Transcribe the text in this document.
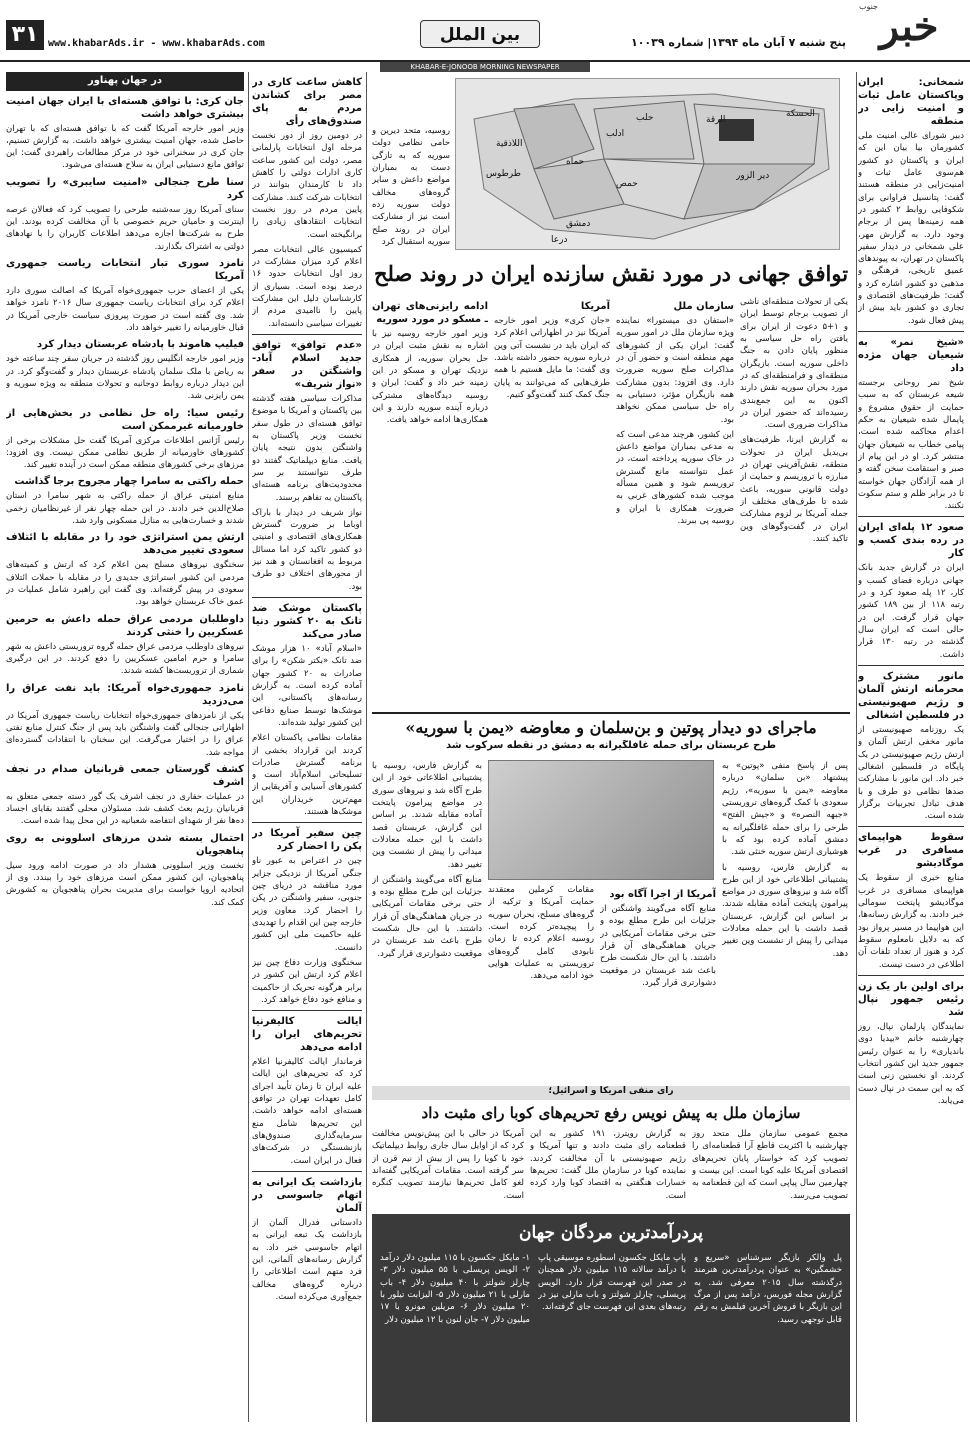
خبر
جنوب
پنج شنبه ۷ آبان ماه ۱۳۹۴| شماره ۱۰۰۳۹
بین الملل
www.khabarAds.ir - www.khabarAds.com
۳۱
KHABAR-E-JONOOB MORNING NEWSPAPER
شمخانی: ایران وپاکستان عامل ثبات و امنیت زایی در منطقه

دبیر شورای عالی امنیت ملی کشورمان بیا بیان این که ایران و پاکستان دو کشور هم‌سوی عامل ثبات و امنیت‌زایی در منطقه هستند گفت: پتانسیل فراوانی برای شکوفایی روابط ۲ کشور در همه زمینه‌ها پس از برجام وجود دارد. به گزارش مهر، علی شمخانی در دیدار سفیر پاکستان در تهران، به پیوندهای عمیق تاریخی، فرهنگی و مذهبی دو کشور اشاره کرد و گفت: ظرفیت‌های اقتصادی و تجاری دو کشور باید بیش از پیش فعال شود.

«شیخ نمر» به شیعیان جهان مژده داد

شیخ نمر روحانی برجسته شیعه عربستان که به سبب حمایت از حقوق مشروع و پایمال شده شیعیان به حکم اعدام محاکمه شده است، پیامی خطاب به شیعیان جهان منتشر کرد. او در این پیام از صبر و استقامت سخن گفته و از همه آزادگان جهان خواسته تا در برابر ظلم و ستم سکوت نکنند.

صعود ۱۲ پله‌ای ایران در رده بندی کسب و کار

ایران در گزارش جدید بانک جهانی درباره فضای کسب و کار، ۱۲ پله صعود کرد و در رتبه ۱۱۸ از بین ۱۸۹ کشور جهان قرار گرفت. این در حالی است که ایران سال گذشته در رتبه ۱۳۰ قرار داشت.

مانور مشترک و محرمانه ارتش آلمان و رژیم صهیونیستی در فلسطین اشغالی

یک روزنامه صهیونیستی از مانور مخفی ارتش آلمان و ارتش رژیم صهیونیستی در یک پایگاه در فلسطین اشغالی خبر داد. این مانور با مشارکت صدها نظامی دو طرف و با هدف تبادل تجربیات برگزار شده است.

سقوط هواپیمای مسافری در غرب موگادیشو

منابع خبری از سقوط یک هواپیمای مسافری در غرب موگادیشو پایتخت سومالی خبر دادند. به گزارش رسانه‌ها، این هواپیما در مسیر پرواز بود که به دلایل نامعلوم سقوط کرد و هنوز از تعداد تلفات آن اطلاعی در دست نیست.

برای اولین بار یک زن رئیس جمهور نپال شد

نمایندگان پارلمان نپال، روز چهارشنبه خانم «بیدیا دوی باندیاری» را به عنوان رئیس جمهور جدید این کشور انتخاب کردند. او نخستین زنی است که به این سمت در نپال دست می‌یابد.

حلب
ادلب
حماه
حمص
دمشق
درعا
الرقة
دير الزور
الحسكة
اللاذقية
طرطوس
روسیه، متحد دیرین و حامی نظامی دولت سوریه که به تازگی دست به بمباران مواضع داعش و سایر گروه‌های مخالف دولت سوریه زده است نیز از مشارکت ایران در روند صلح سوریه استقبال کرد
توافق جهانی در مورد نقش سازنده ایران در روند صلح

یکی از تحولات منطقه‌ای ناشی از تصویب برجام توسط ایران و ۱+۵ دعوت از ایران برای یافتن راه حل سیاسی به منظور پایان دادن به جنگ داخلی سوریه است. بازیگران منطقه‌ای و فرامنطقه‌ای که در مورد بحران سوریه نقش دارند اکنون به این جمع‌بندی رسیده‌اند که حضور ایران در مذاکرات ضروری است.

به گزارش ایرنا، ظرفیت‌های بی‌بدیل ایران در تحولات منطقه، نقش‌آفرینی تهران در مبارزه با تروریسم و حمایت از دولت قانونی سوریه، باعث شده تا طرف‌های مختلف از جمله آمریکا بر لزوم مشارکت ایران در گفت‌وگوهای وین تاکید کنند.

سازمان ملل

«استفان دی میستورا» نماینده ویژه سازمان ملل در امور سوریه گفت: ایران یکی از کشورهای مهم منطقه است و حضور آن در مذاکرات صلح سوریه ضرورت دارد. وی افزود: بدون مشارکت همه بازیگران مؤثر، دستیابی به راه حل سیاسی ممکن نخواهد بود.

این کشور، هرچند مدعی است که به مدعی بمباران مواضع داعش در خاک سوریه پرداخته است، در عمل نتوانسته مانع گسترش تروریسم شود و همین مسأله موجب شده کشورهای غربی به ضرورت همکاری با ایران و روسیه پی ببرند.

آمریکا

«جان کری» وزیر امور خارجه آمریکا نیز در اظهاراتی اعلام کرد که ایران باید در نشست آتی وین درباره سوریه حضور داشته باشد. وی گفت: ما مایل هستیم با همه طرف‌هایی که می‌توانند به پایان جنگ کمک کنند گفت‌وگو کنیم.

ادامه رایزنی‌های تهران ـ مسکو در مورد سوریه

وزیر امور خارجه روسیه نیز با اشاره به نقش مثبت ایران در حل بحران سوریه، از همکاری نزدیک تهران و مسکو در این زمینه خبر داد و گفت: ایران و روسیه دیدگاه‌های مشترکی درباره آینده سوریه دارند و این همکاری‌ها ادامه خواهد یافت.

ماجرای دو دیدار پوتین و بن‌سلمان و معاوضه «یمن با سوریه»
طرح عربستان برای حمله غافلگیرانه به دمشق در نقطه سرکوب شد

پس از پاسخ منفی «پوتین» به پیشنهاد «بن سلمان» درباره معاوضه «یمن با سوریه»، رژیم سعودی با کمک گروه‌های تروریستی «جبهه النصره» و «جیش الفتح» طرحی را برای حمله غافلگیرانه به دمشق آماده کرده بود که با هوشیاری ارتش سوریه خنثی شد.

به گزارش فارس، روسیه با پشتیبانی اطلاعاتی خود از این طرح آگاه شد و نیروهای سوری در مواضع پیرامون پایتخت آماده مقابله شدند. بر اساس این گزارش، عربستان قصد داشت با این حمله معادلات میدانی را پیش از نشست وین تغییر دهد.

آمریکا از اجرا آگاه بود

منابع آگاه می‌گویند واشنگتن از جزئیات این طرح مطلع بوده و حتی برخی مقامات آمریکایی در جریان هماهنگی‌های آن قرار داشتند. با این حال شکست طرح باعث شد عربستان در موقعیت دشوارتری قرار گیرد.

مقامات کرملین معتقدند حمایت آمریکا و ترکیه از گروه‌های مسلح، بحران سوریه را پیچیده‌تر کرده است. روسیه اعلام کرده تا زمان نابودی کامل گروه‌های تروریستی به عملیات هوایی خود ادامه می‌دهد.

به گزارش فارس، روسیه با پشتیبانی اطلاعاتی خود از این طرح آگاه شد و نیروهای سوری در مواضع پیرامون پایتخت آماده مقابله شدند. بر اساس این گزارش، عربستان قصد داشت با این حمله معادلات میدانی را پیش از نشست وین تغییر دهد.

منابع آگاه می‌گویند واشنگتن از جزئیات این طرح مطلع بوده و حتی برخی مقامات آمریکایی در جریان هماهنگی‌های آن قرار داشتند. با این حال شکست طرح باعث شد عربستان در موقعیت دشوارتری قرار گیرد.

رأی منفی آمریکا و اسرائیل؛
سازمان ملل به پیش نویس رفع تحریم‌های کوبا رای مثبت داد
مجمع عمومی سازمان ملل متحد روز چهارشنبه با اکثریت قاطع آرا قطعنامه‌ای را تصویب کرد که خواستار پایان تحریم‌های اقتصادی آمریکا علیه کوبا است. این بیست و چهارمین سال پیاپی است که این قطعنامه به تصویب می‌رسد.
به گزارش رویترز، ۱۹۱ کشور به این قطعنامه رای مثبت دادند و تنها آمریکا و رژیم صهیونیستی با آن مخالفت کردند. نماینده کوبا در سازمان ملل گفت: تحریم‌ها خسارات هنگفتی به اقتصاد کوبا وارد کرده است.
آمریکا در حالی با این پیش‌نویس مخالفت کرد که از اوایل سال جاری روابط دیپلماتیک خود با کوبا را پس از بیش از نیم قرن از سر گرفته است. مقامات آمریکایی گفته‌اند لغو کامل تحریم‌ها نیازمند تصویب کنگره است.
پردرآمدترین مردگان جهان
پل والکر بازیگر سرشناس «سریع و خشمگین» به عنوان پردرآمدترین هنرمند درگذشته سال ۲۰۱۵ معرفی شد. به گزارش مجله فوربس، درآمد پس از مرگ این بازیگر با فروش آخرین فیلمش به رقم قابل توجهی رسید.
پاپ مایکل جکسون اسطوره موسیقی پاپ با درآمد سالانه ۱۱۵ میلیون دلار همچنان در صدر این فهرست قرار دارد. الویس پریسلی، چارلز شولتز و باب مارلی نیز در رتبه‌های بعدی این فهرست جای گرفته‌اند.
۱- مایکل جکسون با ۱۱۵ میلیون دلار درآمد ۲- الویس پریسلی با ۵۵ میلیون دلار ۳- چارلز شولتز با ۴۰ میلیون دلار ۴- باب مارلی با ۲۱ میلیون دلار ۵- الیزابت تیلور با ۲۰ میلیون دلار ۶- مریلین مونرو با ۱۷ میلیون دلار ۷- جان لنون با ۱۲ میلیون دلار
کاهش ساعت کاری در مصر برای کشاندن مردم به پای صندوق‌های رأی

در دومین روز از دور نخست مرحله اول انتخابات پارلمانی مصر، دولت این کشور ساعت کاری ادارات دولتی را کاهش داد تا کارمندان بتوانند در انتخابات شرکت کنند. مشارکت پایین مردم در روز نخست انتخابات انتقادهای زیادی را برانگیخته است.

کمیسیون عالی انتخابات مصر اعلام کرد میزان مشارکت در روز اول انتخابات حدود ۱۶ درصد بوده است. بسیاری از کارشناسان دلیل این مشارکت پایین را ناامیدی مردم از تغییرات سیاسی دانسته‌اند.

«عدم توافق» توافق جدید اسلام آباد-واشنگتن در سفر «نواز شریف»

مذاکرات سیاسی هفته گذشته بین پاکستان و آمریکا با موضوع توافق هسته‌ای در طول سفر نخست وزیر پاکستان به واشنگتن بدون نتیجه پایان یافت. منابع دیپلماتیک گفتند دو طرف نتوانستند بر سر محدودیت‌های برنامه هسته‌ای پاکستان به تفاهم برسند.

نواز شریف در دیدار با باراک اوباما بر ضرورت گسترش همکاری‌های اقتصادی و امنیتی دو کشور تاکید کرد اما مسائل مربوط به افغانستان و هند نیز از محورهای اختلاف دو طرف بود.

پاکستان موشک ضد تانک به ۲۰ کشور دنیا صادر می‌کند

«اسلام آباد» ۱۰ هزار موشک ضد تانک «بکتر شکن» را برای صادرات به ۲۰ کشور جهان آماده کرده است. به گزارش رسانه‌های پاکستانی، این موشک‌ها توسط صنایع دفاعی این کشور تولید شده‌اند.

مقامات نظامی پاکستان اعلام کردند این قرارداد بخشی از برنامه گسترش صادرات تسلیحاتی اسلام‌آباد است و کشورهای آسیایی و آفریقایی از مهم‌ترین خریداران این موشک‌ها هستند.

چین سفیر آمریکا در پکن را احضار کرد

چین در اعتراض به عبور ناو جنگی آمریکا از نزدیکی جزایر مورد مناقشه در دریای چین جنوبی، سفیر واشنگتن در پکن را احضار کرد. معاون وزیر خارجه چین این اقدام را تهدیدی علیه حاکمیت ملی این کشور دانست.

سخنگوی وزارت دفاع چین نیز اعلام کرد ارتش این کشور در برابر هرگونه تحریک از حاکمیت و منافع خود دفاع خواهد کرد.

ایالت کالیفرنیا تحریم‌های ایران را ادامه می‌دهد

فرماندار ایالت کالیفرنیا اعلام کرد که تحریم‌های این ایالت علیه ایران تا زمان تأیید اجرای کامل تعهدات تهران در توافق هسته‌ای ادامه خواهد داشت. این تحریم‌ها شامل منع سرمایه‌گذاری صندوق‌های بازنشستگی در شرکت‌های فعال در ایران است.

بازداشت یک ایرانی به اتهام جاسوسی در آلمان

دادستانی فدرال آلمان از بازداشت یک تبعه ایرانی به اتهام جاسوسی خبر داد. به گزارش رسانه‌های آلمانی، این فرد متهم است اطلاعاتی را درباره گروه‌های مخالف جمع‌آوری می‌کرده است.

در جهان پهناور
جان کری: با توافق هسته‌ای با ایران جهان امنیت بیشتری خواهد داشت

وزیر امور خارجه آمریکا گفت که با توافق هسته‌ای که با تهران حاصل شده، جهان امنیت بیشتری خواهد داشت. به گزارش تسنیم، جان کری در سخنرانی خود در مرکز مطالعات راهبردی گفت: این توافق مانع دستیابی ایران به سلاح هسته‌ای می‌شود.

سنا طرح جنجالی «امنیت سایبری» را تصویب کرد

سنای آمریکا روز سه‌شنبه طرحی را تصویب کرد که فعالان عرصه اینترنت و حامیان حریم خصوصی با آن مخالفت کرده بودند. این طرح به شرکت‌ها اجازه می‌دهد اطلاعات کاربران را با نهادهای دولتی به اشتراک بگذارند.

نامزد سوری تبار انتخابات ریاست جمهوری آمریکا

یکی از اعضای حزب جمهوری‌خواه آمریکا که اصالت سوری دارد اعلام کرد برای انتخابات ریاست جمهوری سال ۲۰۱۶ نامزد خواهد شد. وی گفته است در صورت پیروزی سیاست خارجی آمریکا در قبال خاورمیانه را تغییر خواهد داد.

فیلیپ هاموند با پادشاه عربستان دیدار کرد

وزیر امور خارجه انگلیس روز گذشته در جریان سفر چند ساعته خود به ریاض با ملک سلمان پادشاه عربستان دیدار و گفت‌وگو کرد. در این دیدار درباره روابط دوجانبه و تحولات منطقه به ویژه سوریه و یمن رایزنی شد.

رئیس سیا: راه حل نظامی در بخش‌هایی از خاورمیانه غیرممکن است

رئیس آژانس اطلاعات مرکزی آمریکا گفت حل مشکلات برخی از کشورهای خاورمیانه از طریق نظامی ممکن نیست. وی افزود: مرزهای برخی کشورهای منطقه ممکن است در آینده تغییر کند.

حمله راکتی به سامرا چهار مجروح برجا گذاشت

منابع امنیتی عراق از حمله راکتی به شهر سامرا در استان صلاح‌الدین خبر دادند. در این حمله چهار نفر از غیرنظامیان زخمی شدند و خسارت‌هایی به منازل مسکونی وارد شد.

ارتش یمن استراتژی خود را در مقابله با ائتلاف سعودی تغییر می‌دهد

سخنگوی نیروهای مسلح یمن اعلام کرد که ارتش و کمیته‌های مردمی این کشور استراتژی جدیدی را در مقابله با حملات ائتلاف سعودی در پیش گرفته‌اند. وی گفت این راهبرد شامل عملیات در عمق خاک عربستان خواهد بود.

داوطلبان مردمی عراق حمله داعش به حرمین عسکریین را خنثی کردند

نیروهای داوطلب مردمی عراق حمله گروه تروریستی داعش به شهر سامرا و حرم امامین عسکریین را دفع کردند. در این درگیری شماری از تروریست‌ها کشته شدند.

نامزد جمهوری‌خواه آمریکا: باید نفت عراق را می‌دزدید

یکی از نامزدهای جمهوری‌خواه انتخابات ریاست جمهوری آمریکا در اظهاراتی جنجالی گفت واشنگتن باید پس از جنگ کنترل منابع نفتی عراق را در اختیار می‌گرفت. این سخنان با انتقادات گسترده‌ای مواجه شد.

کشف گورستان جمعی قربانیان صدام در نجف اشرف

در عملیات حفاری در نجف اشرف یک گور دسته جمعی متعلق به قربانیان رژیم بعث کشف شد. مسئولان محلی گفتند بقایای اجساد ده‌ها نفر از شهدای انتفاضه شعبانیه در این محل پیدا شده است.

احتمال بسته شدن مرزهای اسلوونی به روی پناهجویان

نخست وزیر اسلوونی هشدار داد در صورت ادامه ورود سیل پناهجویان، این کشور ممکن است مرزهای خود را ببندد. وی از اتحادیه اروپا خواست برای مدیریت بحران پناهجویان به کشورش کمک کند.
